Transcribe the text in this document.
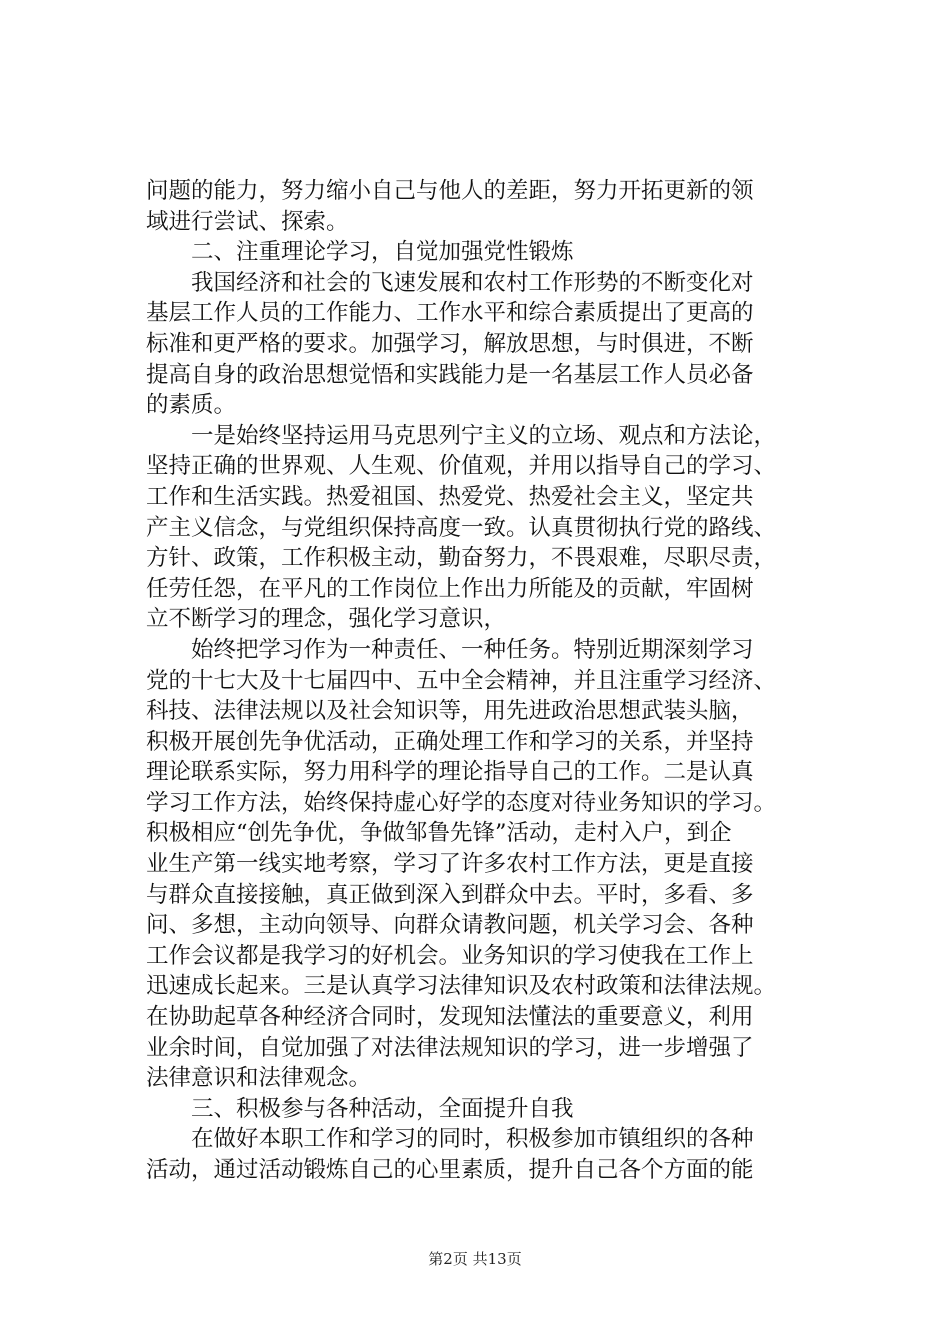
问题的能力，努力缩小自己与他人的差距，努力开拓更新的领
域进行尝试、探索。
二、注重理论学习，自觉加强党性锻炼
我国经济和社会的飞速发展和农村工作形势的不断变化对
基层工作人员的工作能力、工作水平和综合素质提出了更高的
标准和更严格的要求。加强学习，解放思想，与时俱进，不断
提高自身的政治思想觉悟和实践能力是一名基层工作人员必备
的素质。
一是始终坚持运用马克思列宁主义的立场、观点和方法论，
坚持正确的世界观、人生观、价值观，并用以指导自己的学习、
工作和生活实践。热爱祖国、热爱党、热爱社会主义，坚定共
产主义信念，与党组织保持高度一致。认真贯彻执行党的路线、
方针、政策，工作积极主动，勤奋努力，不畏艰难，尽职尽责，
任劳任怨，在平凡的工作岗位上作出力所能及的贡献，牢固树
立不断学习的理念，强化学习意识，
始终把学习作为一种责任、一种任务。特别近期深刻学习
党的十七大及十七届四中、五中全会精神，并且注重学习经济、
科技、法律法规以及社会知识等，用先进政治思想武装头脑，
积极开展创先争优活动，正确处理工作和学习的关系，并坚持
理论联系实际，努力用科学的理论指导自己的工作。二是认真
学习工作方法，始终保持虚心好学的态度对待业务知识的学习。
积极相应“创先争优，争做邹鲁先锋”活动，走村入户，到企
业生产第一线实地考察，学习了许多农村工作方法，更是直接
与群众直接接触，真正做到深入到群众中去。平时，多看、多
问、多想，主动向领导、向群众请教问题，机关学习会、各种
工作会议都是我学习的好机会。业务知识的学习使我在工作上
迅速成长起来。三是认真学习法律知识及农村政策和法律法规。
在协助起草各种经济合同时，发现知法懂法的重要意义，利用
业余时间，自觉加强了对法律法规知识的学习，进一步增强了
法律意识和法律观念。
三、积极参与各种活动，全面提升自我
在做好本职工作和学习的同时，积极参加市镇组织的各种
活动，通过活动锻炼自己的心里素质，提升自己各个方面的能
第2页 共13页
